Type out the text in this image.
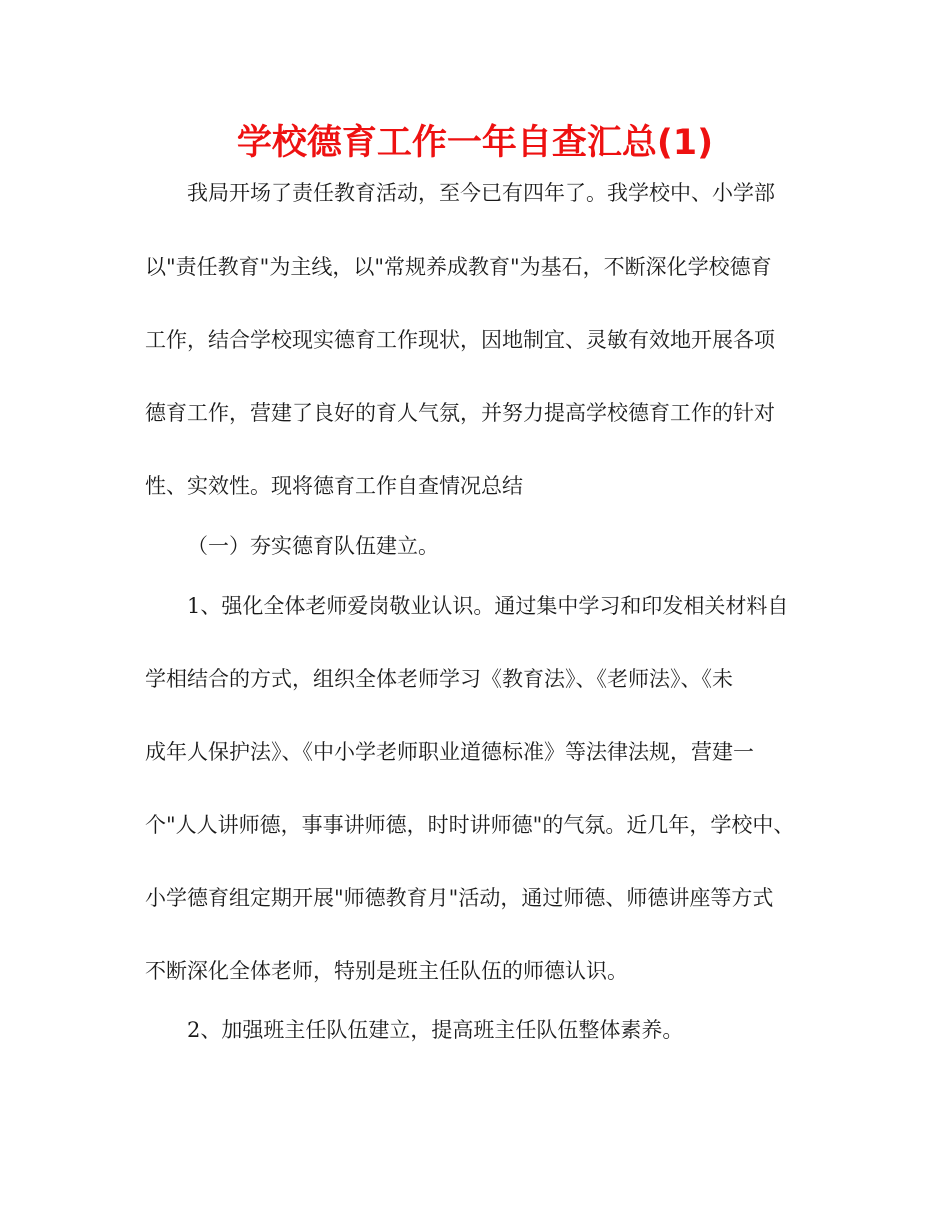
学校德育工作一年自查汇总(1)

我局开场了责任教育活动，至今已有四年了。我学校中、小学部

以"责任教育"为主线，以"常规养成教育"为基石，不断深化学校德育

工作，结合学校现实德育工作现状，因地制宜、灵敏有效地开展各项

德育工作，营建了良好的育人气氛，并努力提高学校德育工作的针对

性、实效性。现将德育工作自查情况总结

（一）夯实德育队伍建立。

1、强化全体老师爱岗敬业认识。通过集中学习和印发相关材料自

学相结合的方式，组织全体老师学习《教育法》、《老师法》、《未

成年人保护法》、《中小学老师职业道德标准》等法律法规，营建一

个"人人讲师德，事事讲师德，时时讲师德"的气氛。近几年，学校中、

小学德育组定期开展"师德教育月"活动，通过师德、师德讲座等方式

不断深化全体老师，特别是班主任队伍的师德认识。

2、加强班主任队伍建立，提高班主任队伍整体素养。
